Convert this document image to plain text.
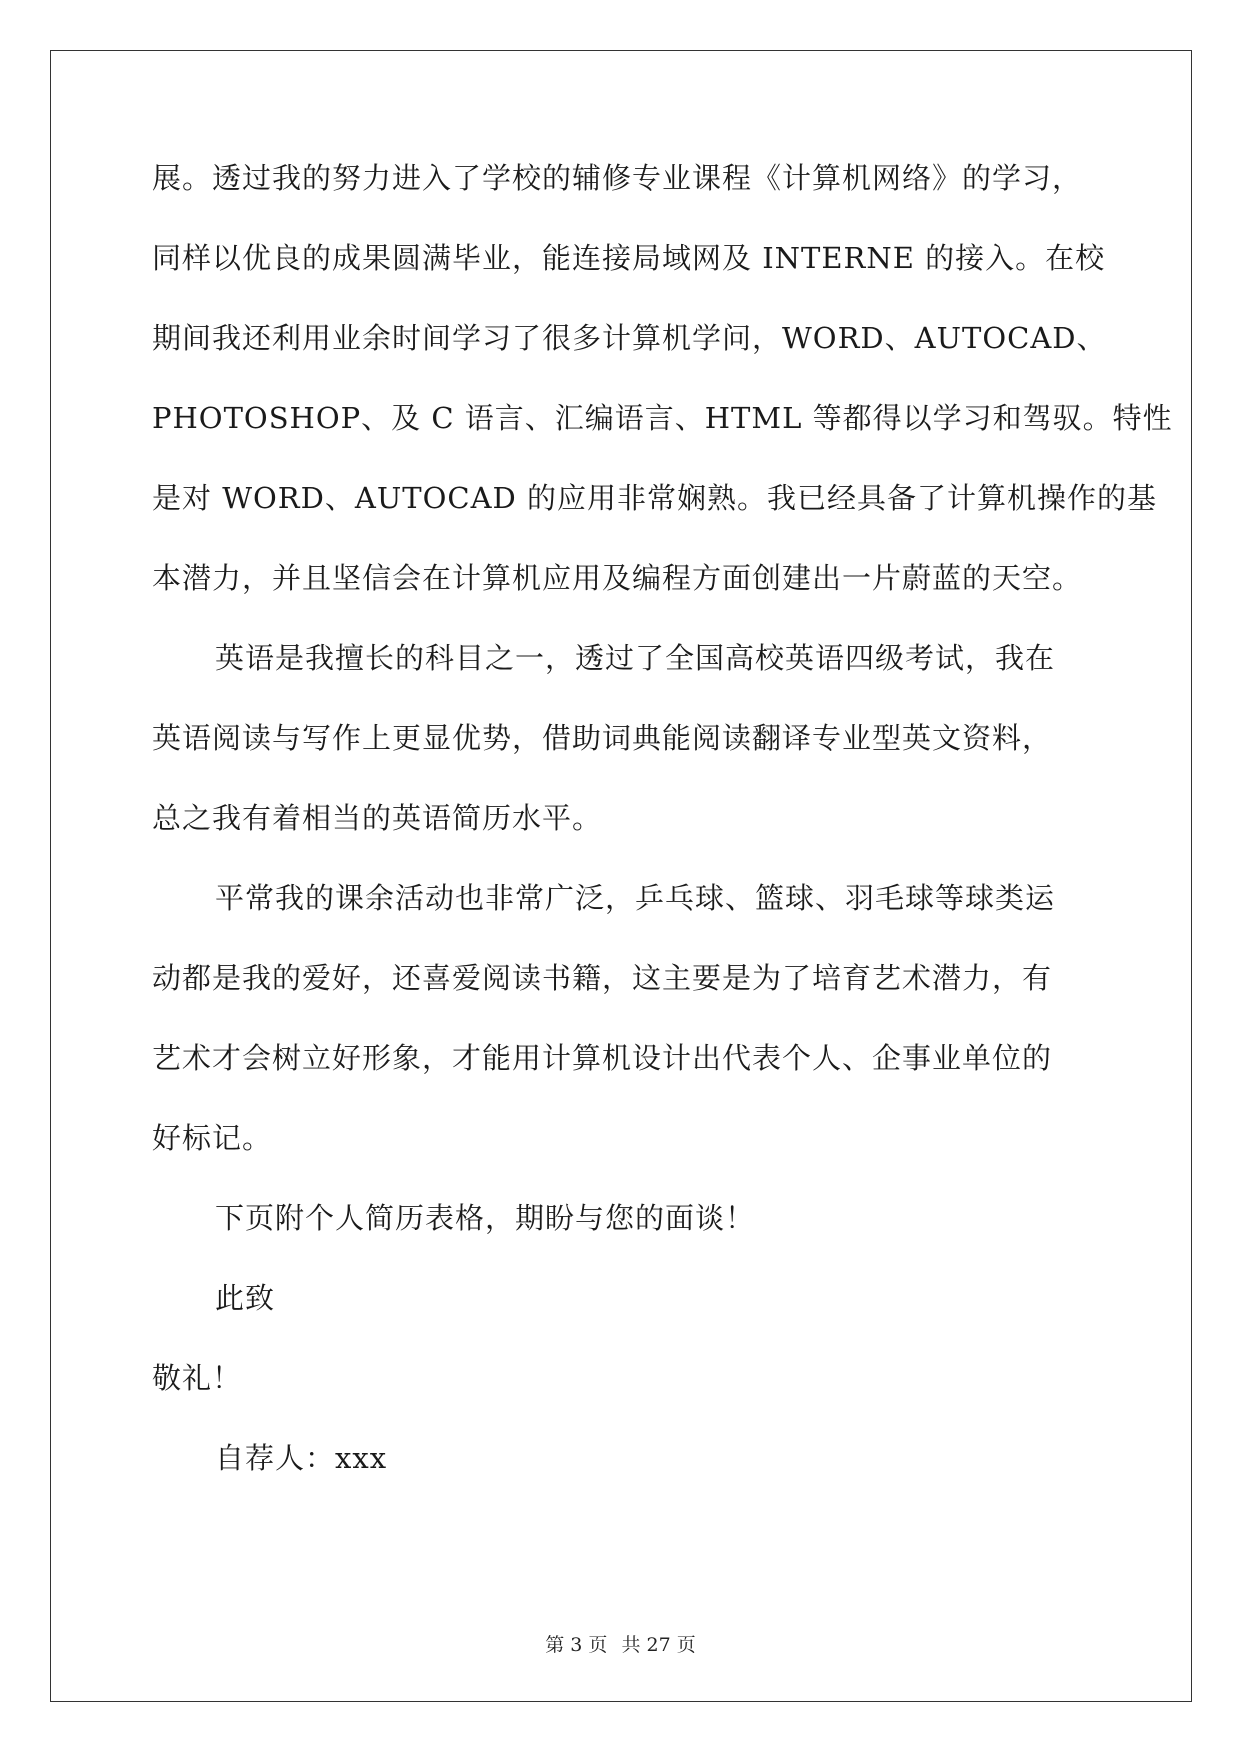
展。透过我的努力进入了学校的辅修专业课程《计算机网络》的学习，
同样以优良的成果圆满毕业，能连接局域网及 INTERNE 的接入。在校
期间我还利用业余时间学习了很多计算机学问，WORD、AUTOCAD、
PHOTOSHOP、及 C 语言、汇编语言、HTML 等都得以学习和驾驭。特性
是对 WORD、AUTOCAD 的应用非常娴熟。我已经具备了计算机操作的基
本潜力，并且坚信会在计算机应用及编程方面创建出一片蔚蓝的天空。
英语是我擅长的科目之一，透过了全国高校英语四级考试，我在
英语阅读与写作上更显优势，借助词典能阅读翻译专业型英文资料，
总之我有着相当的英语简历水平。
平常我的课余活动也非常广泛，乒乓球、篮球、羽毛球等球类运
动都是我的爱好，还喜爱阅读书籍，这主要是为了培育艺术潜力，有
艺术才会树立好形象，才能用计算机设计出代表个人、企事业单位的
好标记。
下页附个人简历表格，期盼与您的面谈！
此致
敬礼！
自荐人：xxx
第 3 页 共 27 页
